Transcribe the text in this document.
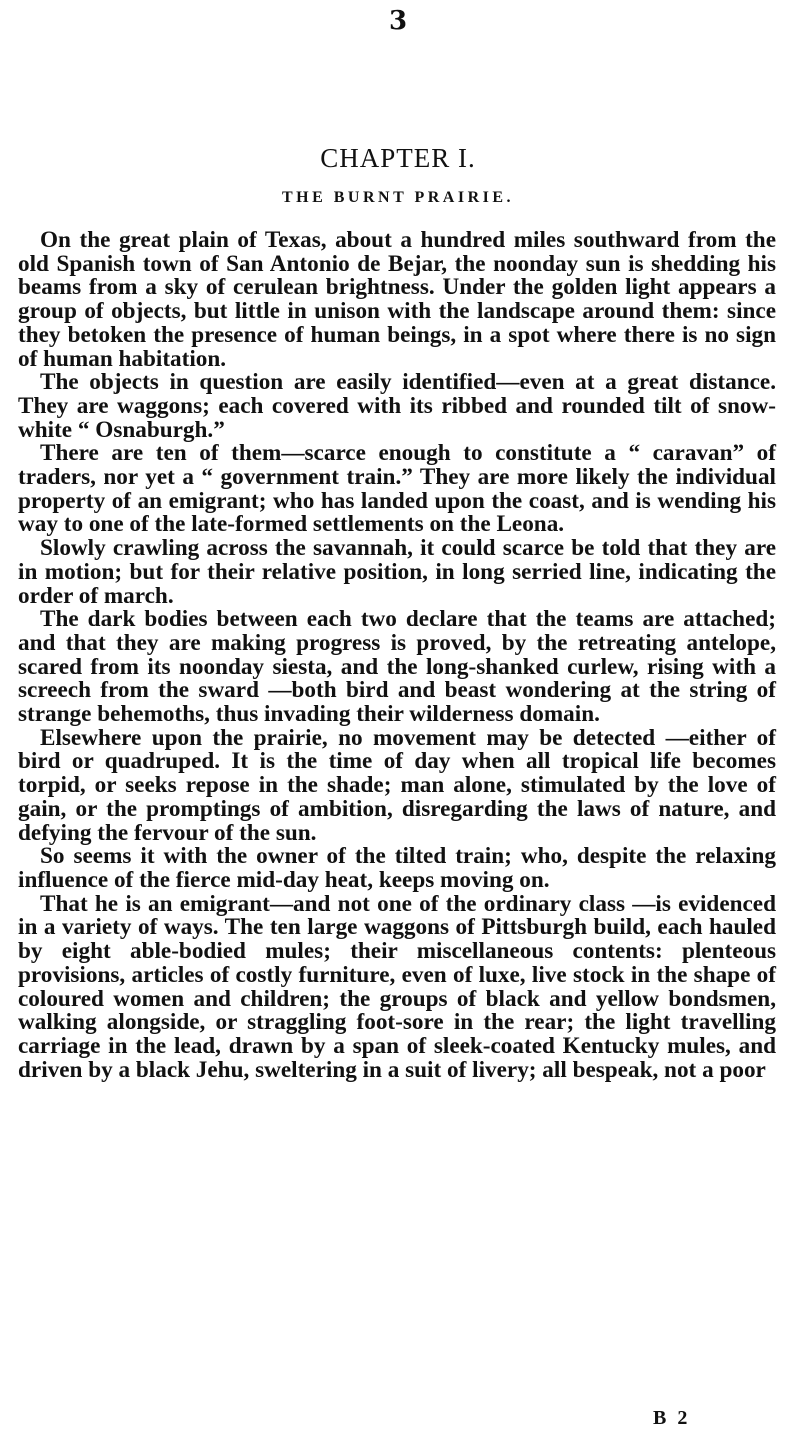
3
CHAPTER I.
THE BURNT PRAIRIE.

On the great plain of Texas, about a hundred miles southward from the old Spanish town of San Antonio de Bejar, the noonday sun is shedding his beams from a sky of cerulean brightness. Under the golden light appears a group of objects, but little in unison with the landscape around them: since they betoken the presence of human beings, in a spot where there is no sign of human habitation.

The objects in question are easily identified—even at a great distance. They are waggons; each covered with its ribbed and rounded tilt of snow-white “ Osnaburgh.”

There are ten of them—scarce enough to constitute a “ caravan” of traders, nor yet a “ government train.” They are more likely the individual property of an emigrant; who has landed upon the coast, and is wending his way to one of the late-formed settlements on the Leona.

Slowly crawling across the savannah, it could scarce be told that they are in motion; but for their relative position, in long serried line, indicating the order of march.

The dark bodies between each two declare that the teams are attached; and that they are making progress is proved, by the retreating antelope, scared from its noonday siesta, and the long-shanked curlew, rising with a screech from the sward —both bird and beast wondering at the string of strange behemoths, thus invading their wilderness domain.

Elsewhere upon the prairie, no movement may be detected —either of bird or quadruped. It is the time of day when all tropical life becomes torpid, or seeks repose in the shade; man alone, stimulated by the love of gain, or the promptings of ambition, disregarding the laws of nature, and defying the fervour of the sun.

So seems it with the owner of the tilted train; who, despite the relaxing influence of the fierce mid-day heat, keeps moving on.

That he is an emigrant—and not one of the ordinary class —is evidenced in a variety of ways. The ten large waggons of Pittsburgh build, each hauled by eight able-bodied mules; their miscellaneous contents: plenteous provisions, articles of costly furniture, even of luxe, live stock in the shape of coloured women and children; the groups of black and yellow bondsmen, walking alongside, or straggling foot-sore in the rear; the light travelling carriage in the lead, drawn by a span of sleek-coated Kentucky mules, and driven by a black Jehu, sweltering in a suit of livery; all bespeak, not a poor

B 2
